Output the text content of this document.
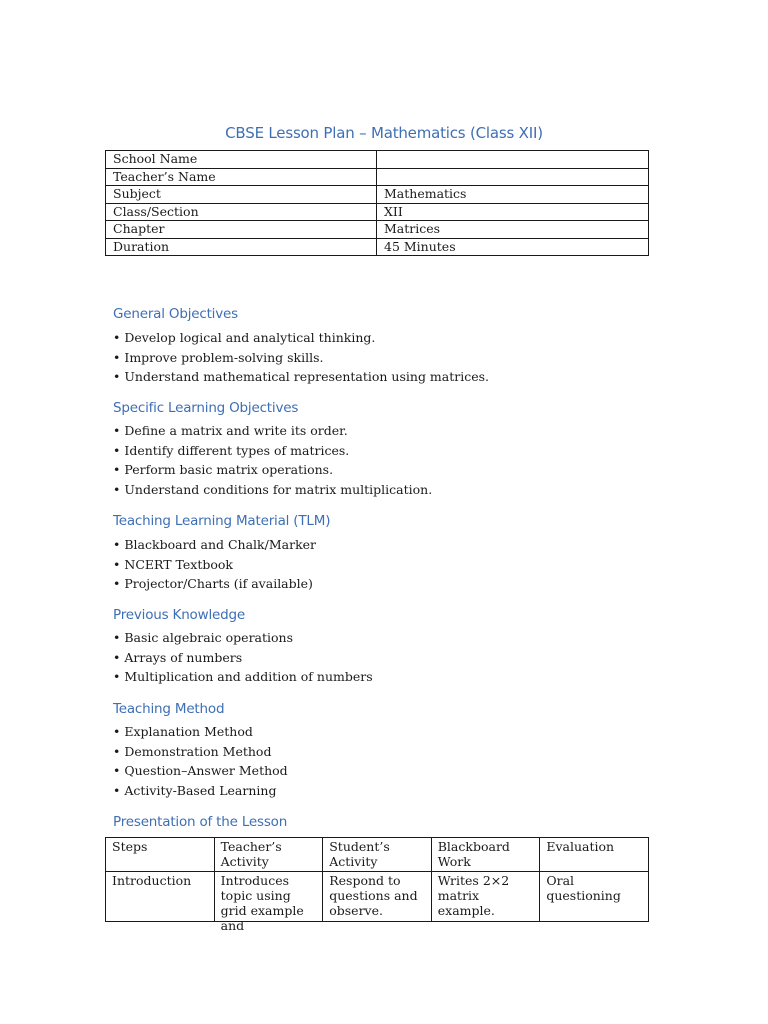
CBSE Lesson Plan – Mathematics (Class XII)
School Name	
Teacher’s Name	
Subject	Mathematics
Class/Section	XII
Chapter	Matrices
Duration	45 Minutes
General Objectives
• Develop logical and analytical thinking.
• Improve problem-solving skills.
• Understand mathematical representation using matrices.
Specific Learning Objectives
• Define a matrix and write its order.
• Identify different types of matrices.
• Perform basic matrix operations.
• Understand conditions for matrix multiplication.
Teaching Learning Material (TLM)
• Blackboard and Chalk/Marker
• NCERT Textbook
• Projector/Charts (if available)
Previous Knowledge
• Basic algebraic operations
• Arrays of numbers
• Multiplication and addition of numbers
Teaching Method
• Explanation Method
• Demonstration Method
• Question–Answer Method
• Activity-Based Learning
Presentation of the Lesson
Steps	Teacher’s Activity	Student’s Activity	Blackboard Work	Evaluation

Introduction	Introduces topic using grid example and	Respond to questions and observe.	Writes 2×2 matrix example.	Oral questioning
